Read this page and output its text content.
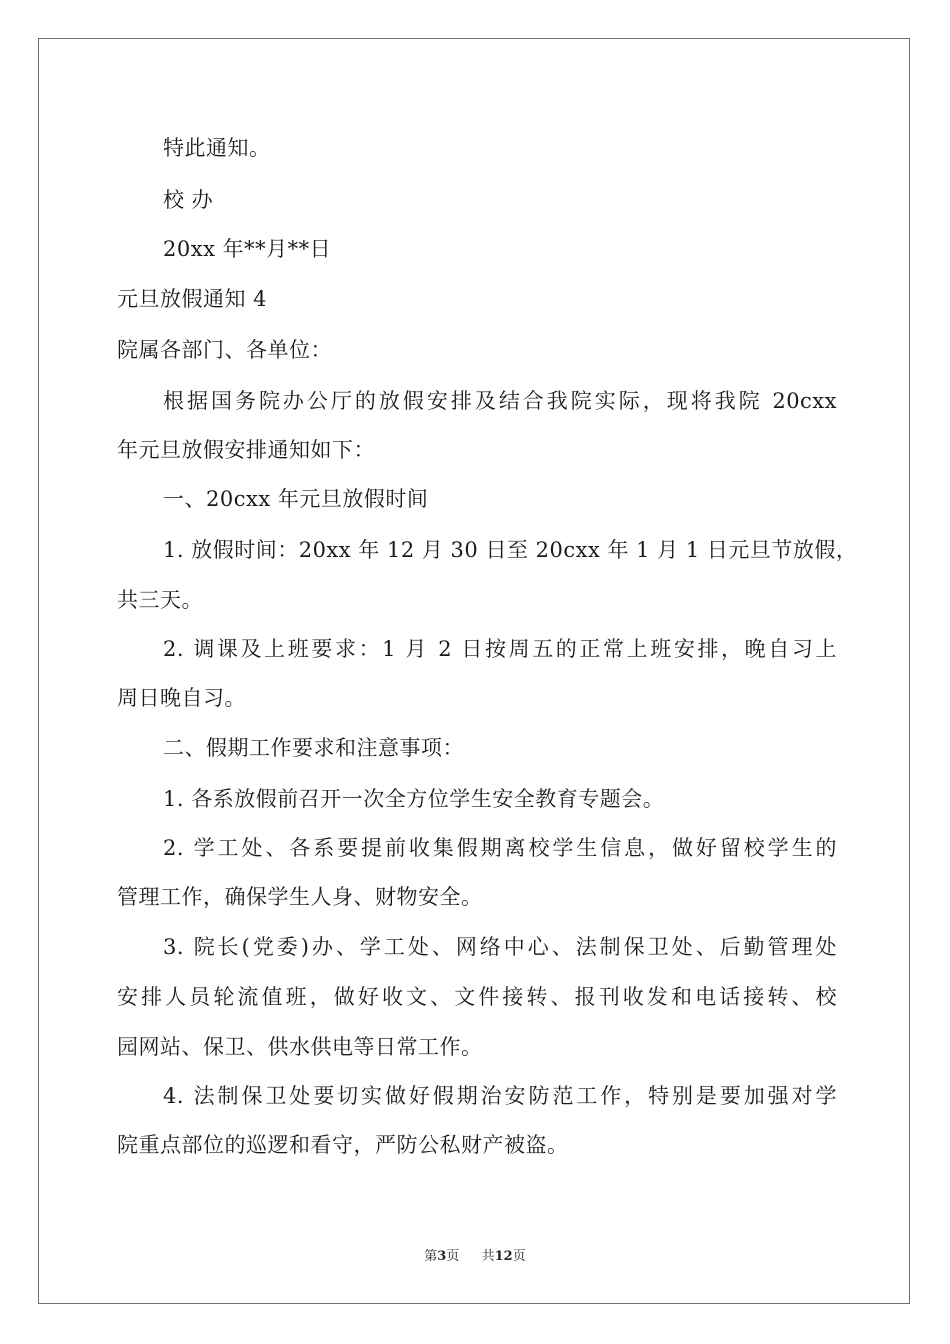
特此通知。
校 办
20xx 年**月**日
元旦放假通知 4
院属各部门、各单位：
根据国务院办公厅的放假安排及结合我院实际，现将我院 20cxx
年元旦放假安排通知如下：
一、20cxx 年元旦放假时间
1. 放假时间：20xx 年 12 月 30 日至 20cxx 年 1 月 1 日元旦节放假，
共三天。
2. 调课及上班要求：1 月 2 日按周五的正常上班安排，晚自习上
周日晚自习。
二、假期工作要求和注意事项：
1. 各系放假前召开一次全方位学生安全教育专题会。
2. 学工处、各系要提前收集假期离校学生信息，做好留校学生的
管理工作，确保学生人身、财物安全。
3. 院长(党委)办、学工处、网络中心、法制保卫处、后勤管理处
安排人员轮流值班，做好收文、文件接转、报刊收发和电话接转、校
园网站、保卫、供水供电等日常工作。
4. 法制保卫处要切实做好假期治安防范工作，特别是要加强对学
院重点部位的巡逻和看守，严防公私财产被盗。
第3页 共12页
